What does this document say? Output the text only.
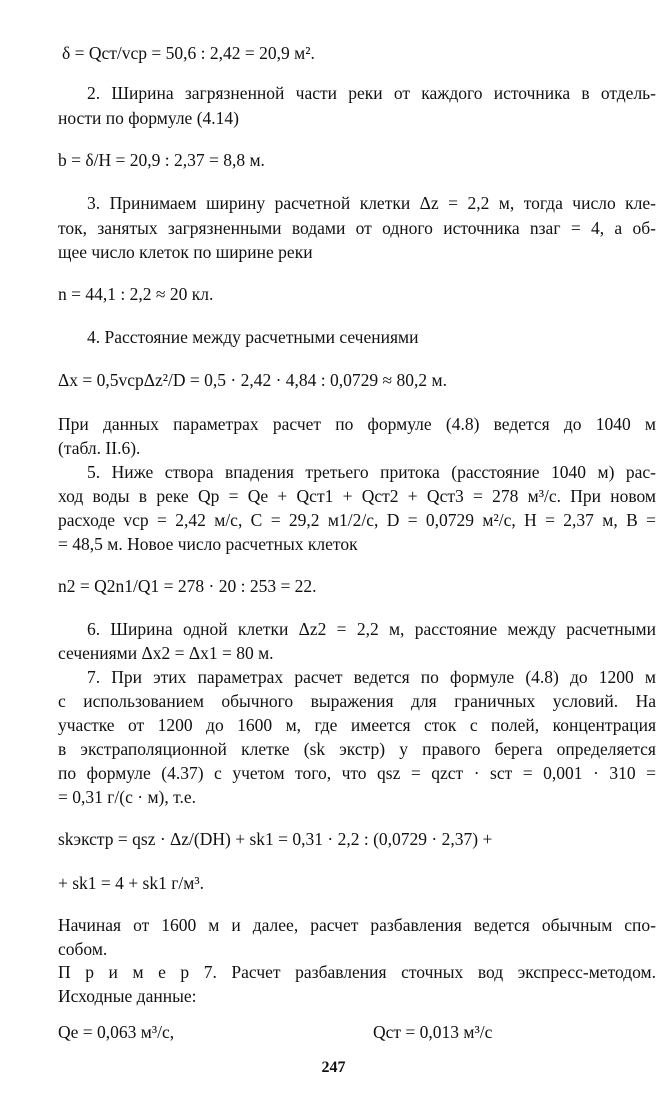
δ = Qст/vср = 50,6 : 2,42 = 20,9 м².
2. Ширина загрязненной части реки от каждого источника в отдель-
ности по формуле (4.14)
b = δ/H = 20,9 : 2,37 = 8,8 м.
3. Принимаем ширину расчетной клетки Δz = 2,2 м, тогда число кле-
ток, занятых загрязненными водами от одного источника nзаг = 4, а об-
щее число клеток по ширине реки
n = 44,1 : 2,2 ≈ 20 кл.
4. Расстояние между расчетными сечениями
Δx = 0,5vсрΔz²/D = 0,5 · 2,42 · 4,84 : 0,0729 ≈ 80,2 м.
При данных параметрах расчет по формуле (4.8) ведется до 1040 м
(табл. II.6).
5. Ниже створа впадения третьего притока (расстояние 1040 м) рас-
ход воды в реке Qp = Qe + Qст1 + Qст2 + Qст3 = 278 м³/с. При новом
расходе vср = 2,42 м/с, C = 29,2 м1/2/с, D = 0,0729 м²/с, H = 2,37 м, B =
= 48,5 м. Новое число расчетных клеток
n2 = Q2n1/Q1 = 278 · 20 : 253 = 22.
6. Ширина одной клетки Δz2 = 2,2 м, расстояние между расчетными
сечениями Δx2 = Δx1 = 80 м.
7. При этих параметрах расчет ведется по формуле (4.8) до 1200 м
с использованием обычного выражения для граничных условий. На
участке от 1200 до 1600 м, где имеется сток с полей, концентрация
в экстраполяционной клетке (sk экстр) у правого берега определяется
по формуле (4.37) с учетом того, что qsz = qzст · sст = 0,001 · 310 =
= 0,31 г/(с · м), т.е.
skэкстр = qsz · Δz/(DH) + sk1 = 0,31 · 2,2 : (0,0729 · 2,37) +
+ sk1 = 4 + sk1 г/м³.
Начиная от 1600 м и далее, расчет разбавления ведется обычным спо-
собом.
П р и м е р 7. Расчет разбавления сточных вод экспресс-методом.
Исходные данные:
Qe = 0,063 м³/с,	Qст = 0,013 м³/с
247
